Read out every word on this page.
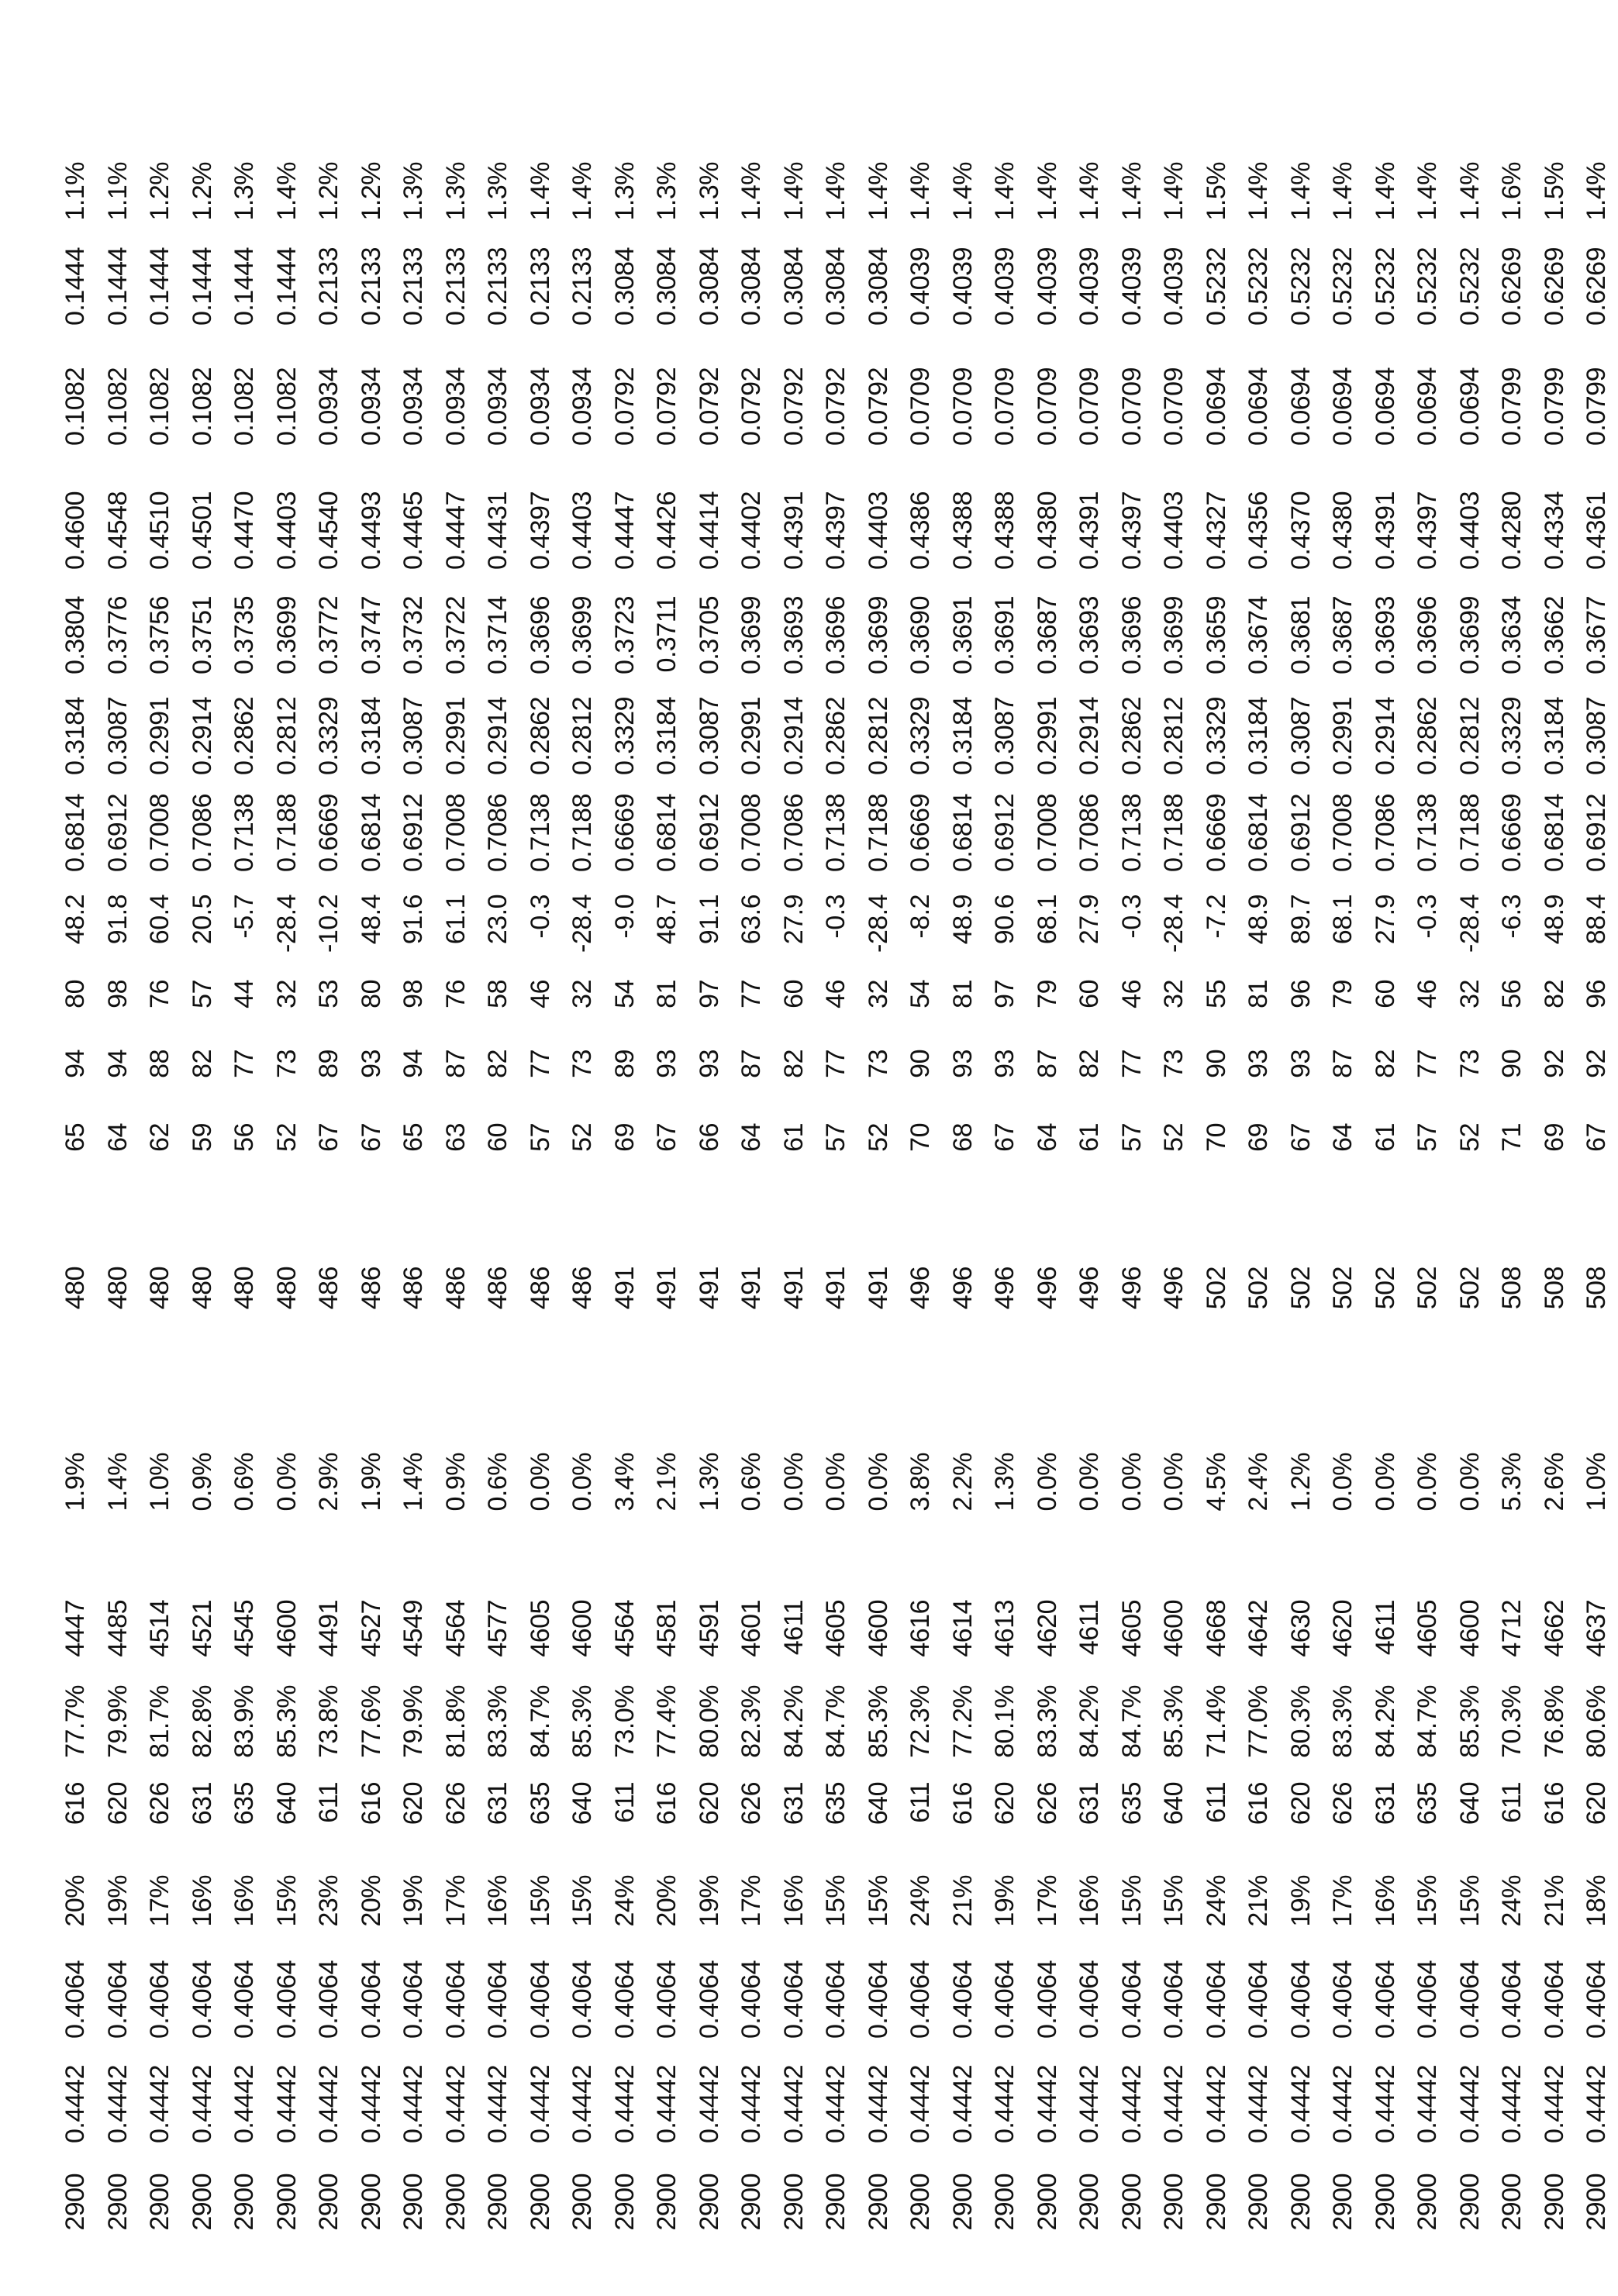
2900	0.4442	0.4064	20%	616	77.7%	4447	1.9%	480	65	94	80	48.2	0.6814	0.3184	0.3804	0.4600	0.1082	0.1444	1.1%
2900	0.4442	0.4064	19%	620	79.9%	4485	1.4%	480	64	94	98	91.8	0.6912	0.3087	0.3776	0.4548	0.1082	0.1444	1.1%
2900	0.4442	0.4064	17%	626	81.7%	4514	1.0%	480	62	88	76	60.4	0.7008	0.2991	0.3756	0.4510	0.1082	0.1444	1.2%
2900	0.4442	0.4064	16%	631	82.8%	4521	0.9%	480	59	82	57	20.5	0.7086	0.2914	0.3751	0.4501	0.1082	0.1444	1.2%
2900	0.4442	0.4064	16%	635	83.9%	4545	0.6%	480	56	77	44	-5.7	0.7138	0.2862	0.3735	0.4470	0.1082	0.1444	1.3%
2900	0.4442	0.4064	15%	640	85.3%	4600	0.0%	480	52	73	32	-28.4	0.7188	0.2812	0.3699	0.4403	0.1082	0.1444	1.4%
2900	0.4442	0.4064	23%	611	73.8%	4491	2.9%	486	67	89	53	-10.2	0.6669	0.3329	0.3772	0.4540	0.0934	0.2133	1.2%
2900	0.4442	0.4064	20%	616	77.6%	4527	1.9%	486	67	93	80	48.4	0.6814	0.3184	0.3747	0.4493	0.0934	0.2133	1.2%
2900	0.4442	0.4064	19%	620	79.9%	4549	1.4%	486	65	94	98	91.6	0.6912	0.3087	0.3732	0.4465	0.0934	0.2133	1.3%
2900	0.4442	0.4064	17%	626	81.8%	4564	0.9%	486	63	87	76	61.1	0.7008	0.2991	0.3722	0.4447	0.0934	0.2133	1.3%
2900	0.4442	0.4064	16%	631	83.3%	4577	0.6%	486	60	82	58	23.0	0.7086	0.2914	0.3714	0.4431	0.0934	0.2133	1.3%
2900	0.4442	0.4064	15%	635	84.7%	4605	0.0%	486	57	77	46	-0.3	0.7138	0.2862	0.3696	0.4397	0.0934	0.2133	1.4%
2900	0.4442	0.4064	15%	640	85.3%	4600	0.0%	486	52	73	32	-28.4	0.7188	0.2812	0.3699	0.4403	0.0934	0.2133	1.4%
2900	0.4442	0.4064	24%	611	73.0%	4564	3.4%	491	69	89	54	-9.0	0.6669	0.3329	0.3723	0.4447	0.0792	0.3084	1.3%
2900	0.4442	0.4064	20%	616	77.4%	4581	2.1%	491	67	93	81	48.7	0.6814	0.3184	0.3711	0.4426	0.0792	0.3084	1.3%
2900	0.4442	0.4064	19%	620	80.0%	4591	1.3%	491	66	93	97	91.1	0.6912	0.3087	0.3705	0.4414	0.0792	0.3084	1.3%
2900	0.4442	0.4064	17%	626	82.3%	4601	0.6%	491	64	87	77	63.6	0.7008	0.2991	0.3699	0.4402	0.0792	0.3084	1.4%
2900	0.4442	0.4064	16%	631	84.2%	4611	0.0%	491	61	82	60	27.9	0.7086	0.2914	0.3693	0.4391	0.0792	0.3084	1.4%
2900	0.4442	0.4064	15%	635	84.7%	4605	0.0%	491	57	77	46	-0.3	0.7138	0.2862	0.3696	0.4397	0.0792	0.3084	1.4%
2900	0.4442	0.4064	15%	640	85.3%	4600	0.0%	491	52	73	32	-28.4	0.7188	0.2812	0.3699	0.4403	0.0792	0.3084	1.4%
2900	0.4442	0.4064	24%	611	72.3%	4616	3.8%	496	70	90	54	-8.2	0.6669	0.3329	0.3690	0.4386	0.0709	0.4039	1.4%
2900	0.4442	0.4064	21%	616	77.2%	4614	2.2%	496	68	93	81	48.9	0.6814	0.3184	0.3691	0.4388	0.0709	0.4039	1.4%
2900	0.4442	0.4064	19%	620	80.1%	4613	1.3%	496	67	93	97	90.6	0.6912	0.3087	0.3691	0.4388	0.0709	0.4039	1.4%
2900	0.4442	0.4064	17%	626	83.3%	4620	0.0%	496	64	87	79	68.1	0.7008	0.2991	0.3687	0.4380	0.0709	0.4039	1.4%
2900	0.4442	0.4064	16%	631	84.2%	4611	0.0%	496	61	82	60	27.9	0.7086	0.2914	0.3693	0.4391	0.0709	0.4039	1.4%
2900	0.4442	0.4064	15%	635	84.7%	4605	0.0%	496	57	77	46	-0.3	0.7138	0.2862	0.3696	0.4397	0.0709	0.4039	1.4%
2900	0.4442	0.4064	15%	640	85.3%	4600	0.0%	496	52	73	32	-28.4	0.7188	0.2812	0.3699	0.4403	0.0709	0.4039	1.4%
2900	0.4442	0.4064	24%	611	71.4%	4668	4.5%	502	70	90	55	-7.2	0.6669	0.3329	0.3659	0.4327	0.0694	0.5232	1.5%
2900	0.4442	0.4064	21%	616	77.0%	4642	2.4%	502	69	93	81	48.9	0.6814	0.3184	0.3674	0.4356	0.0694	0.5232	1.4%
2900	0.4442	0.4064	19%	620	80.3%	4630	1.2%	502	67	93	96	89.7	0.6912	0.3087	0.3681	0.4370	0.0694	0.5232	1.4%
2900	0.4442	0.4064	17%	626	83.3%	4620	0.0%	502	64	87	79	68.1	0.7008	0.2991	0.3687	0.4380	0.0694	0.5232	1.4%
2900	0.4442	0.4064	16%	631	84.2%	4611	0.0%	502	61	82	60	27.9	0.7086	0.2914	0.3693	0.4391	0.0694	0.5232	1.4%
2900	0.4442	0.4064	15%	635	84.7%	4605	0.0%	502	57	77	46	-0.3	0.7138	0.2862	0.3696	0.4397	0.0694	0.5232	1.4%
2900	0.4442	0.4064	15%	640	85.3%	4600	0.0%	502	52	73	32	-28.4	0.7188	0.2812	0.3699	0.4403	0.0694	0.5232	1.4%
2900	0.4442	0.4064	24%	611	70.3%	4712	5.3%	508	71	90	56	-6.3	0.6669	0.3329	0.3634	0.4280	0.0799	0.6269	1.6%
2900	0.4442	0.4064	21%	616	76.8%	4662	2.6%	508	69	92	82	48.9	0.6814	0.3184	0.3662	0.4334	0.0799	0.6269	1.5%
2900	0.4442	0.4064	18%	620	80.6%	4637	1.0%	508	67	92	96	88.4	0.6912	0.3087	0.3677	0.4361	0.0799	0.6269	1.4%
